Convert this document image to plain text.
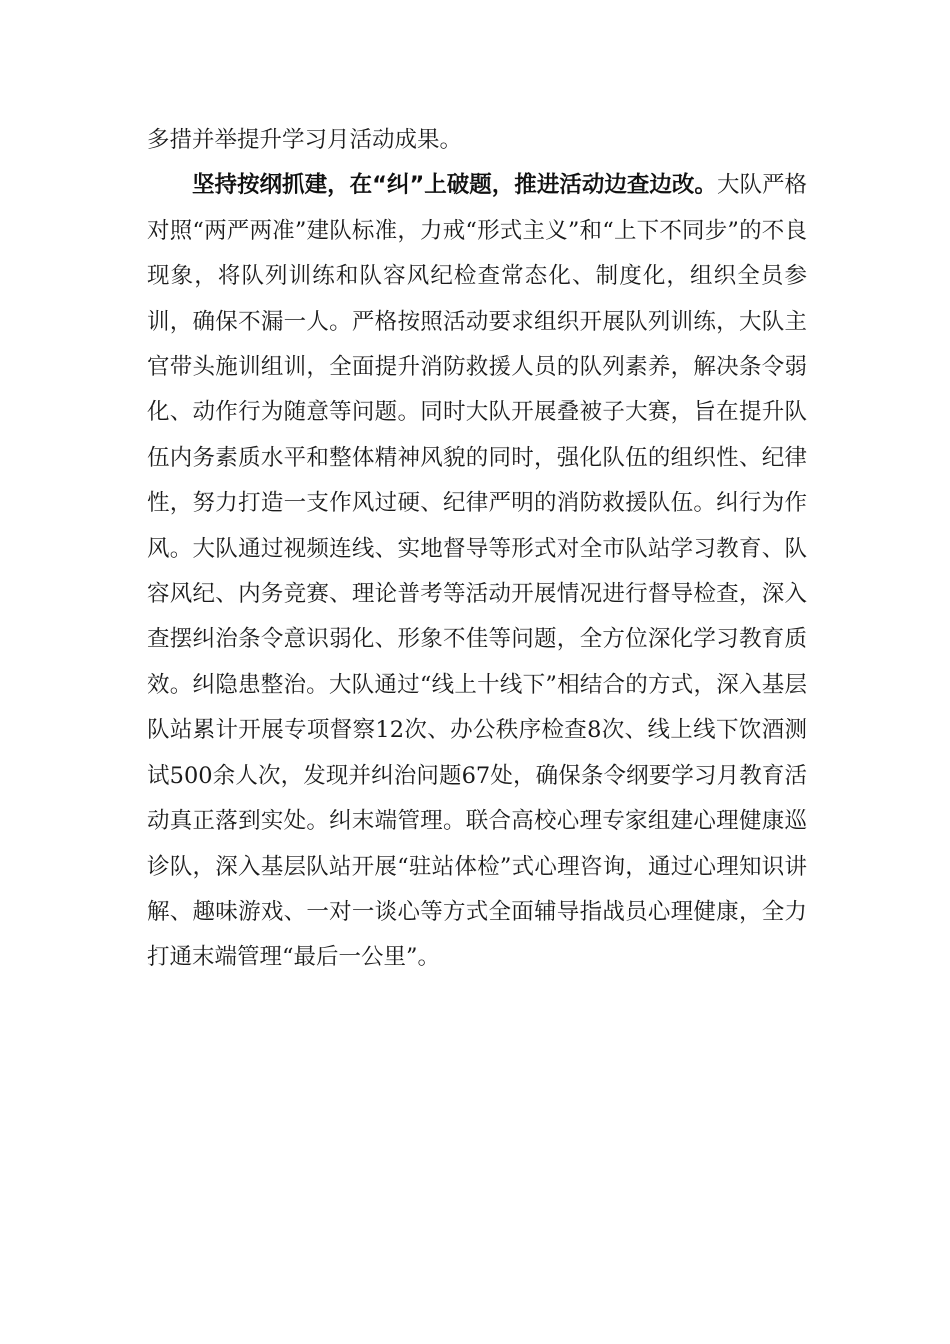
多措并举提升学习月活动成果。

坚持按纲抓建，在“纠”上破题，推进活动边查边改。大队严格对照“两严两准”建队标准，力戒“形式主义”和“上下不同步”的不良现象，将队列训练和队容风纪检查常态化、制度化，组织全员参训，确保不漏一人。严格按照活动要求组织开展队列训练，大队主官带头施训组训，全面提升消防救援人员的队列素养，解决条令弱化、动作行为随意等问题。同时大队开展叠被子大赛，旨在提升队伍内务素质水平和整体精神风貌的同时，强化队伍的组织性、纪律性，努力打造一支作风过硬、纪律严明的消防救援队伍。纠行为作风。大队通过视频连线、实地督导等形式对全市队站学习教育、队容风纪、内务竞赛、理论普考等活动开展情况进行督导检查，深入查摆纠治条令意识弱化、形象不佳等问题，全方位深化学习教育质效。纠隐患整治。大队通过“线上十线下”相结合的方式，深入基层队站累计开展专项督察12次、办公秩序检查8次、线上线下饮酒测试500余人次，发现并纠治问题67处，确保条令纲要学习月教育活动真正落到实处。纠末端管理。联合高校心理专家组建心理健康巡诊队，深入基层队站开展“驻站体检”式心理咨询，通过心理知识讲解、趣味游戏、一对一谈心等方式全面辅导指战员心理健康，全力打通末端管理“最后一公里”。
